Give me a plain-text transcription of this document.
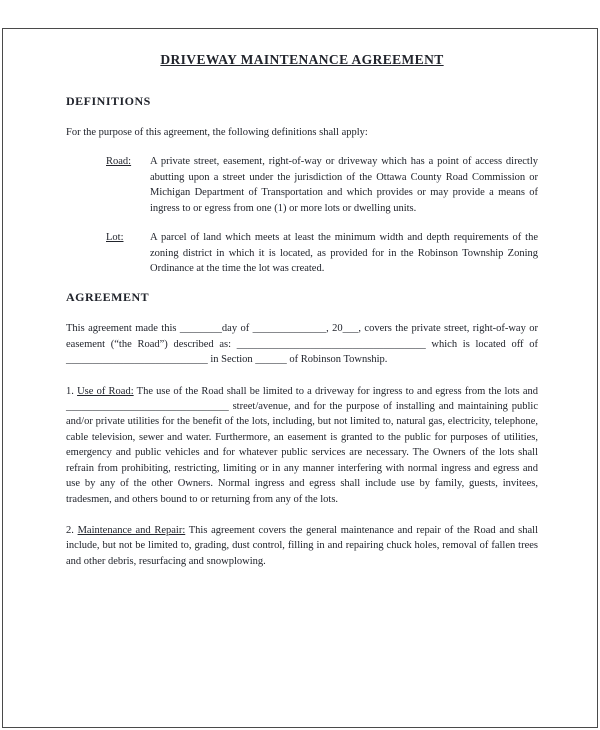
DRIVEWAY MAINTENANCE AGREEMENT
DEFINITIONS

For the purpose of this agreement, the following definitions shall apply:

Road:	A private street, easement, right-of-way or driveway which has a point of access directly abutting upon a street under the jurisdiction of the Ottawa County Road Commission or Michigan Department of Transportation and which provides or may provide a means of ingress to or egress from one (1) or more lots or dwelling units.
Lot:	A parcel of land which meets at least the minimum width and depth requirements of the zoning district in which it is located, as provided for in the Robinson Township Zoning Ordinance at the time the lot was created.
AGREEMENT

This agreement made this ________day of ______________, 20___, covers the private street, right-of-way or easement (“the Road”) described as: ____________________________________ which is located off of ___________________________ in Section ______ of Robinson Township.

1. Use of Road: The use of the Road shall be limited to a driveway for ingress to and egress from the lots and _______________________________ street/avenue, and for the purpose of installing and maintaining public and/or private utilities for the benefit of the lots, including, but not limited to, natural gas, electricity, telephone, cable television, sewer and water. Furthermore, an easement is granted to the public for purposes of utilities, emergency and public vehicles and for whatever public services are necessary. The Owners of the lots shall refrain from prohibiting, restricting, limiting or in any manner interfering with normal ingress and egress and use by any of the other Owners. Normal ingress and egress shall include use by family, guests, invitees, tradesmen, and others bound to or returning from any of the lots.

2. Maintenance and Repair: This agreement covers the general maintenance and repair of the Road and shall include, but not be limited to, grading, dust control, filling in and repairing chuck holes, removal of fallen trees and other debris, resurfacing and snowplowing.
